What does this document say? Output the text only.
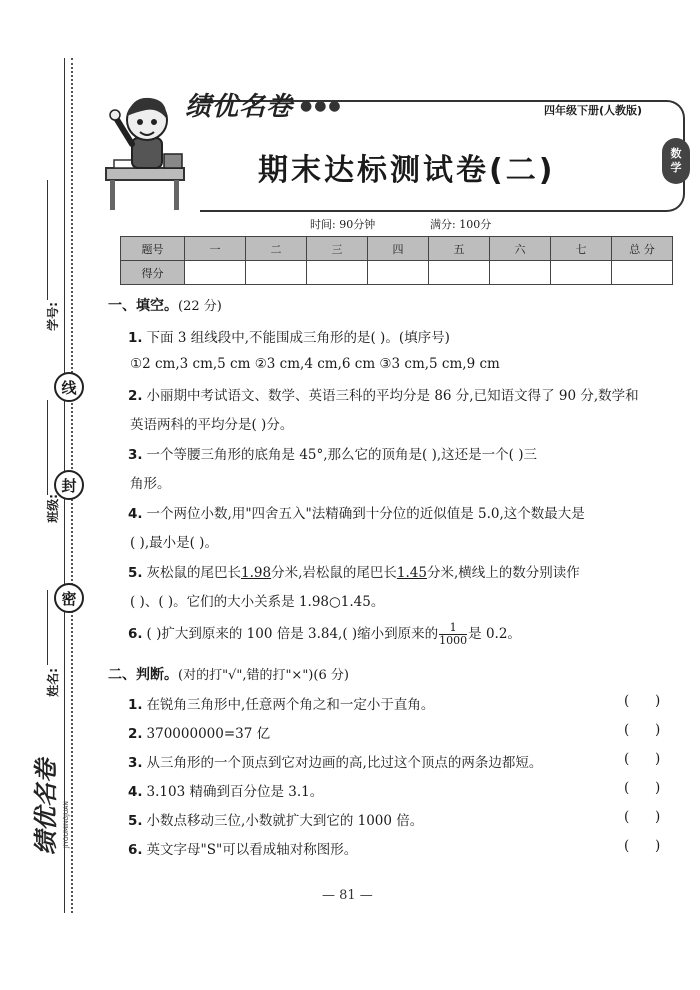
学号:
线
班级:
封
密
姓名:
绩优名卷 JIYOUMINGJUAN
绩优名卷 ●●●	四年级下册(人教版)
数
学
期末达标测试卷(二)
时间: 90分钟	满分: 100分
题号	一	二	三	四	五	六	七	总 分
得分								
一、填空。(22 分)
1. 下面 3 组线段中,不能围成三角形的是( )。(填序号)
①2 cm,3 cm,5 cm ②3 cm,4 cm,6 cm ③3 cm,5 cm,9 cm
2. 小丽期中考试语文、数学、英语三科的平均分是 86 分,已知语文得了 90 分,数学和
英语两科的平均分是( )分。
3. 一个等腰三角形的底角是 45°,那么它的顶角是( ),这还是一个( )三
角形。
4. 一个两位小数,用"四舍五入"法精确到十分位的近似值是 5.0,这个数最大是
( ),最小是( )。
5. 灰松鼠的尾巴长1.98分米,岩松鼠的尾巴长1.45分米,横线上的数分别读作
( )、( )。它们的大小关系是 1.98○1.45。
6. ( )扩大到原来的 100 倍是 3.84,( )缩小到原来的 $\frac{1}{1000}$ 是 0.2。
二、判断。(对的打"√",错的打"×")(6 分)
1. 在锐角三角形中,任意两个角之和一定小于直角。	(      )
2. 370000000=37 亿	(      )
3. 从三角形的一个顶点到它对边画的高,比过这个顶点的两条边都短。	(      )
4. 3.103 精确到百分位是 3.1。	(      )
5. 小数点移动三位,小数就扩大到它的 1000 倍。	(      )
6. 英文字母"S"可以看成轴对称图形。	(      )
— 81 —
